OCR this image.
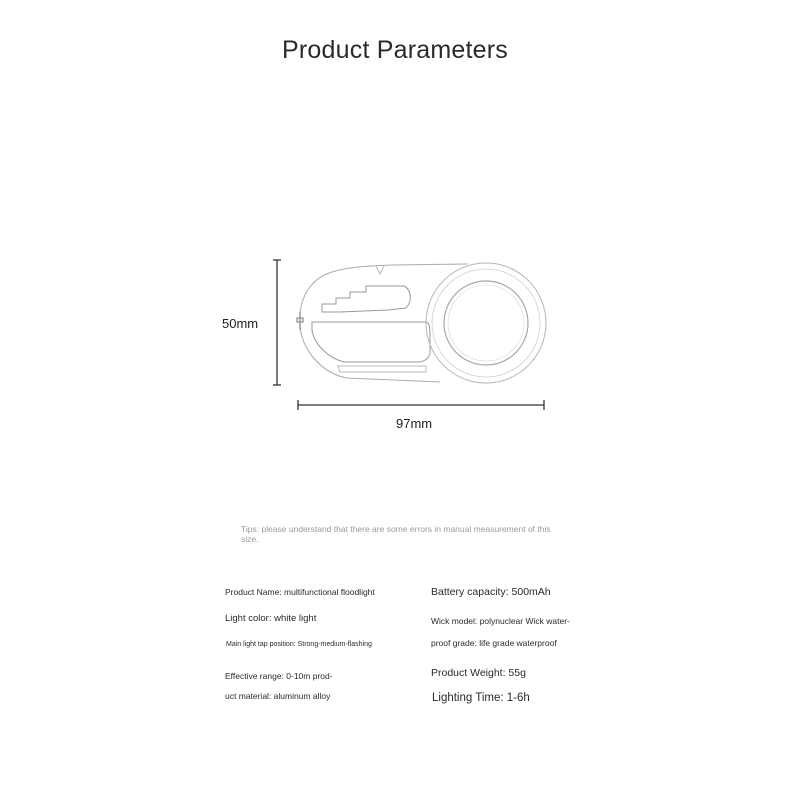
Product Parameters
50mm
97mm
Tips: please understand that there are some errors in manual measurement of this size.
Product Name: multifunctional floodlight
Light color: white light
Main light tap position: Strong-medium-flashing
Effective range: 0-10m prod-
uct material: aluminum alloy
Battery capacity: 500mAh
Wick model: polynuclear Wick water-
proof grade: life grade waterproof
Product Weight: 55g
Lighting Time: 1-6h
